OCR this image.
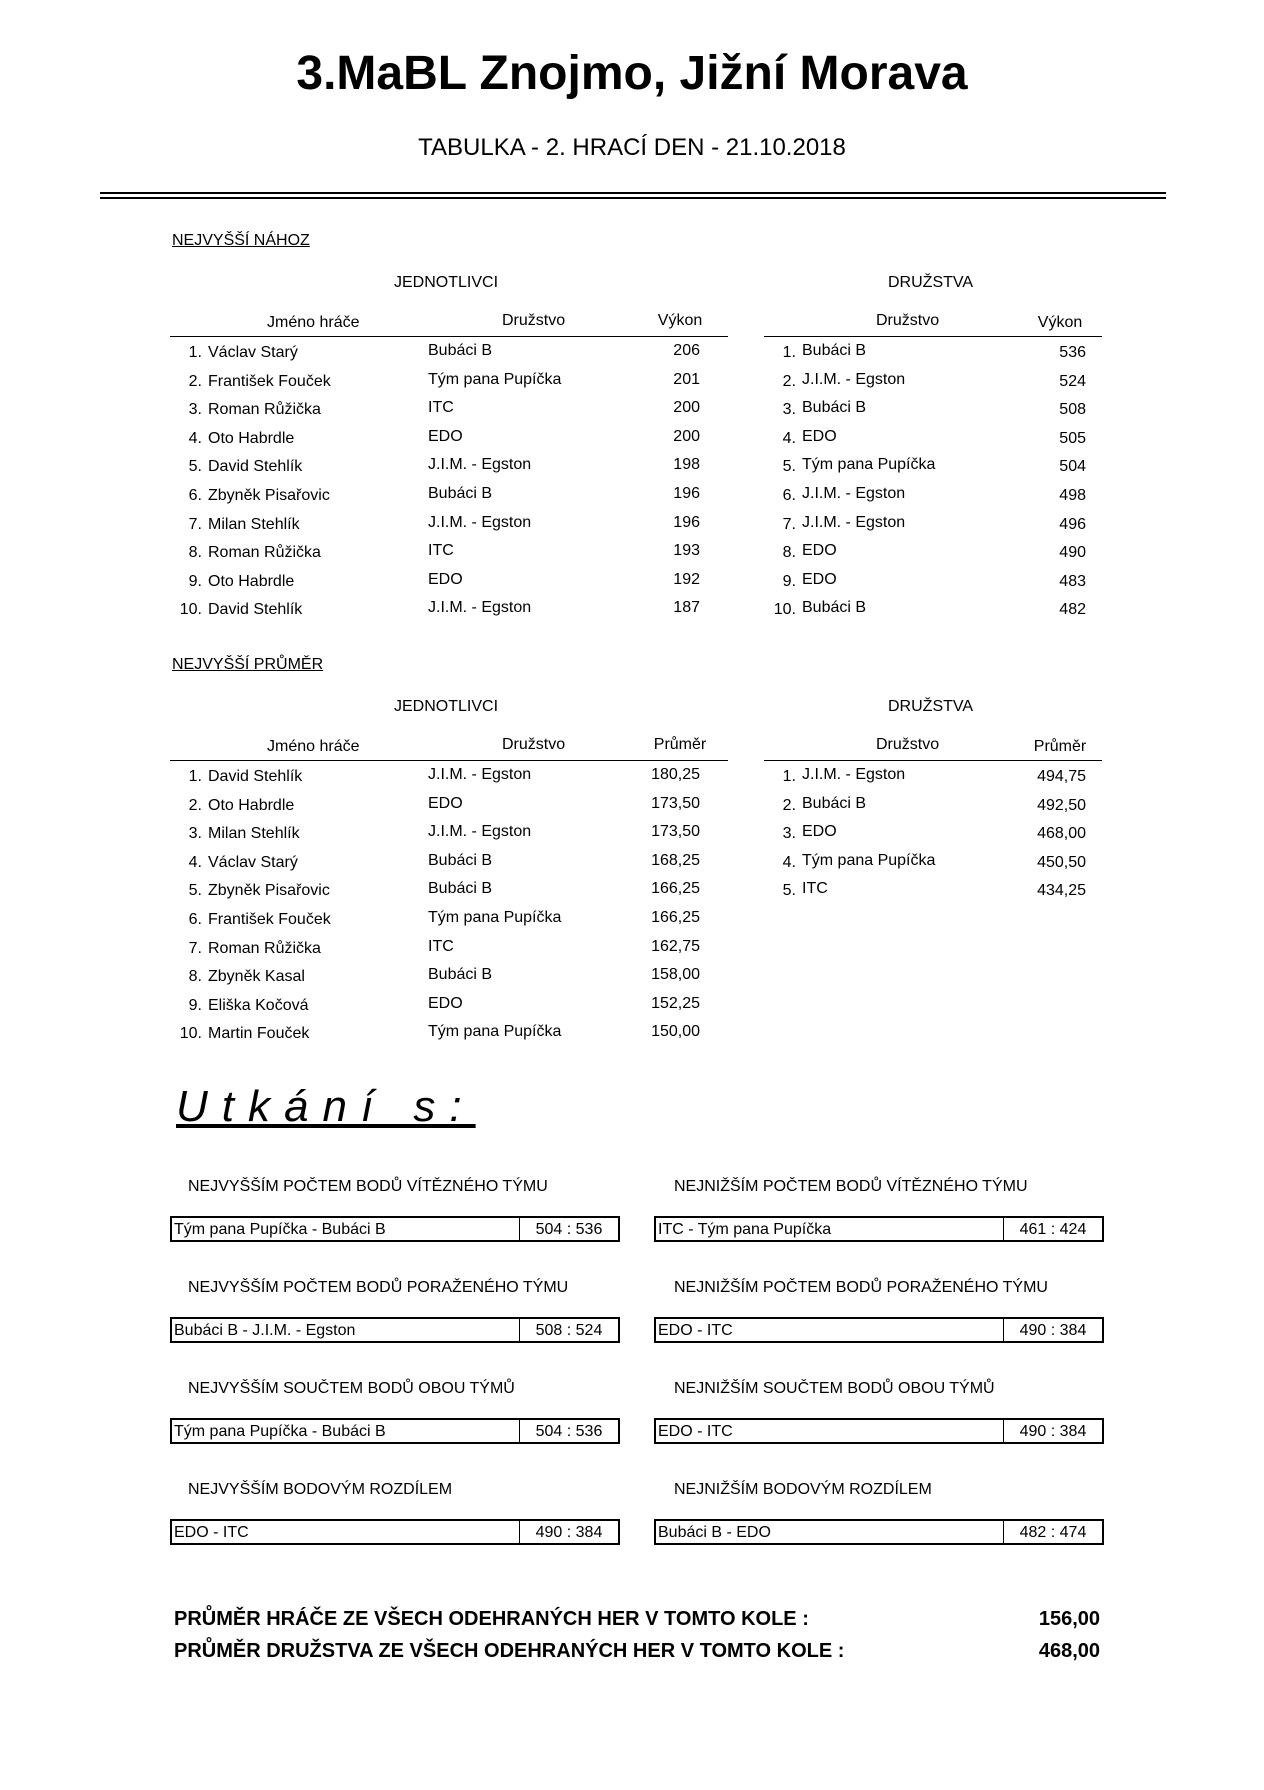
3.MaBL Znojmo, Jižní Morava
TABULKA - 2. HRACÍ DEN - 21.10.2018
NEJVYŠŠÍ NÁHOZ
JEDNOTLIVCI	DRUŽSTVA
Jméno hráče	Družstvo	Výkon	Družstvo	Výkon
1. Václav Starý	Bubáci B	206
2. František Fouček	Tým pana Pupíčka	201
3. Roman Růžička	ITC	200
4. Oto Habrdle	EDO	200
5. David Stehlík	J.I.M. - Egston	198
6. Zbyněk Pisařovic	Bubáci B	196
7. Milan Stehlík	J.I.M. - Egston	196
8. Roman Růžička	ITC	193
9. Oto Habrdle	EDO	192
10. David Stehlík	J.I.M. - Egston	187
1. Bubáci B	536
2. J.I.M. - Egston	524
3. Bubáci B	508
4. EDO	505
5. Tým pana Pupíčka	504
6. J.I.M. - Egston	498
7. J.I.M. - Egston	496
8. EDO	490
9. EDO	483
10. Bubáci B	482
NEJVYŠŠÍ PRŮMĚR
JEDNOTLIVCI	DRUŽSTVA
Jméno hráče	Družstvo	Průměr	Družstvo	Průměr
1. David Stehlík	J.I.M. - Egston	180,25
2. Oto Habrdle	EDO	173,50
3. Milan Stehlík	J.I.M. - Egston	173,50
4. Václav Starý	Bubáci B	168,25
5. Zbyněk Pisařovic	Bubáci B	166,25
6. František Fouček	Tým pana Pupíčka	166,25
7. Roman Růžička	ITC	162,75
8. Zbyněk Kasal	Bubáci B	158,00
9. Eliška Kočová	EDO	152,25
10. Martin Fouček	Tým pana Pupíčka	150,00
1. J.I.M. - Egston	494,75
2. Bubáci B	492,50
3. EDO	468,00
4. Tým pana Pupíčka	450,50
5. ITC	434,25
Utkání s:
NEJVYŠŠÍM POČTEM BODŮ VÍTĚZNÉHO TÝMU
Tým pana Pupíčka - Bubáci B	504 : 536
NEJNIŽŠÍM POČTEM BODŮ VÍTĚZNÉHO TÝMU
ITC - Tým pana Pupíčka	461 : 424
NEJVYŠŠÍM POČTEM BODŮ PORAŽENÉHO TÝMU
Bubáci B - J.I.M. - Egston	508 : 524
NEJNIŽŠÍM POČTEM BODŮ PORAŽENÉHO TÝMU
EDO - ITC	490 : 384
NEJVYŠŠÍM SOUČTEM BODŮ OBOU TÝMŮ
Tým pana Pupíčka - Bubáci B	504 : 536
NEJNIŽŠÍM SOUČTEM BODŮ OBOU TÝMŮ
EDO - ITC	490 : 384
NEJVYŠŠÍM BODOVÝM ROZDÍLEM
EDO - ITC	490 : 384
NEJNIŽŠÍM BODOVÝM ROZDÍLEM
Bubáci B - EDO	482 : 474
PRŮMĚR HRÁČE ZE VŠECH ODEHRANÝCH HER V TOMTO KOLE :	156,00
PRŮMĚR DRUŽSTVA ZE VŠECH ODEHRANÝCH HER V TOMTO KOLE :	468,00
